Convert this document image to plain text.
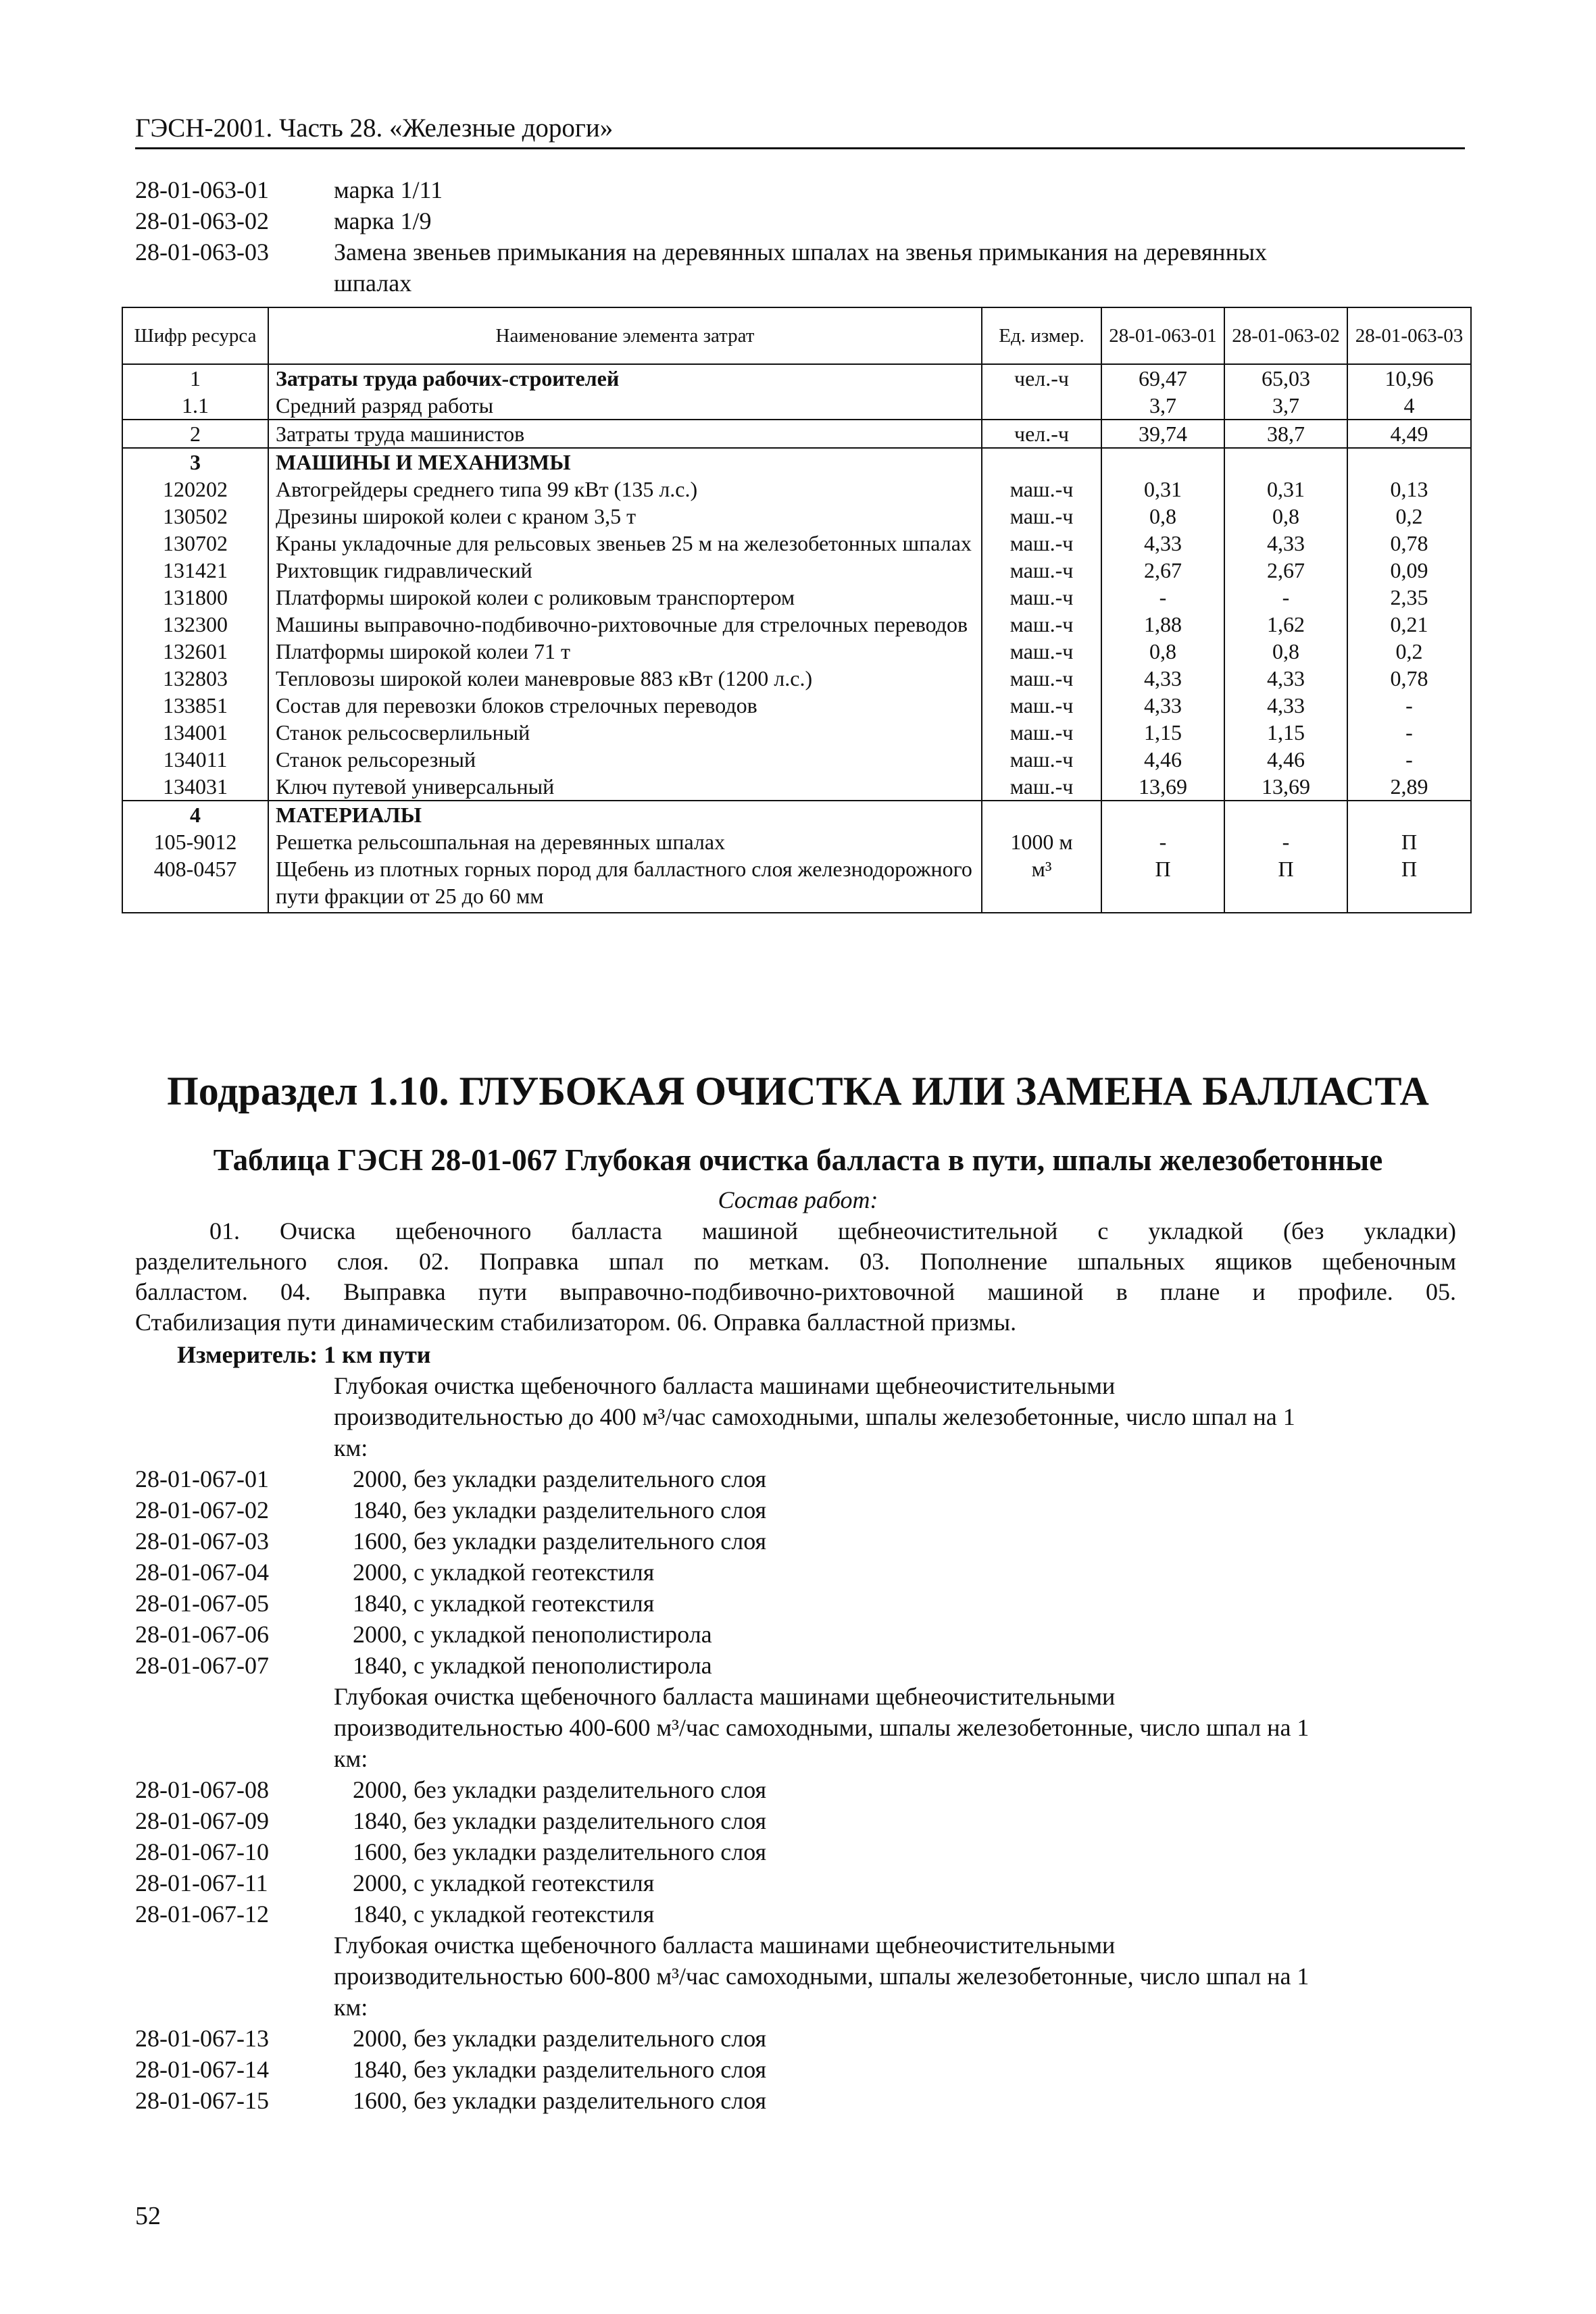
ГЭСН-2001. Часть 28. «Железные дороги»
28-01-063-01	марка 1/11
28-01-063-02	марка 1/9
28-01-063-03	Замена звеньев примыкания на деревянных шпалах на звенья примыкания на деревянных
шпалах
Шифр ресурса	Наименование элемента затрат	Ед. измер.	28-01-063-01	28-01-063-02	28-01-063-03
1	Затраты труда рабочих-строителей	чел.-ч	69,47	65,03	10,96
1.1	Средний разряд работы		3,7	3,7	4
2	Затраты труда машинистов	чел.-ч	39,74	38,7	4,49
3	МАШИНЫ И МЕХАНИЗМЫ				
120202	Автогрейдеры среднего типа 99 кВт (135 л.с.)	маш.-ч	0,31	0,31	0,13
130502	Дрезины широкой колеи с краном 3,5 т	маш.-ч	0,8	0,8	0,2
130702	Краны укладочные для рельсовых звеньев 25 м на железобетонных шпалах	маш.-ч	4,33	4,33	0,78
131421	Рихтовщик гидравлический	маш.-ч	2,67	2,67	0,09
131800	Платформы широкой колеи с роликовым транспортером	маш.-ч	-	-	2,35
132300	Машины выправочно-подбивочно-рихтовочные для стрелочных переводов	маш.-ч	1,88	1,62	0,21
132601	Платформы широкой колеи 71 т	маш.-ч	0,8	0,8	0,2
132803	Тепловозы широкой колеи маневровые 883 кВт (1200 л.с.)	маш.-ч	4,33	4,33	0,78
133851	Состав для перевозки блоков стрелочных переводов	маш.-ч	4,33	4,33	-
134001	Станок рельсосверлильный	маш.-ч	1,15	1,15	-
134011	Станок рельсорезный	маш.-ч	4,46	4,46	-
134031	Ключ путевой универсальный	маш.-ч	13,69	13,69	2,89
4	МАТЕРИАЛЫ				
105-9012	Решетка рельсошпальная на деревянных шпалах	1000 м	-	-	П
408-0457	Щебень из плотных горных пород для балластного слоя железнодорожного пути фракции от 25 до 60 мм	м³	П	П	П
Подраздел 1.10. ГЛУБОКАЯ ОЧИСТКА ИЛИ ЗАМЕНА БАЛЛАСТА
Таблица ГЭСН 28-01-067 Глубокая очистка балласта в пути, шпалы железобетонные
Состав работ:
01. Очиска щебеночного балласта машиной щебнеочистительной с укладкой (без укладки)
разделительного слоя. 02. Поправка шпал по меткам. 03. Пополнение шпальных ящиков щебеночным
балластом. 04. Выправка пути выправочно-подбивочно-рихтовочной машиной в плане и профиле. 05.
Стабилизация пути динамическим стабилизатором. 06. Оправка балластной призмы.
Измеритель: 1 км пути
Глубокая очистка щебеночного балласта машинами щебнеочистительными
производительностью до 400 м³/час самоходными, шпалы железобетонные, число шпал на 1
км:
28-01-067-01	2000, без укладки разделительного слоя
28-01-067-02	1840, без укладки разделительного слоя
28-01-067-03	1600, без укладки разделительного слоя
28-01-067-04	2000, с укладкой геотекстиля
28-01-067-05	1840, с укладкой геотекстиля
28-01-067-06	2000, с укладкой пенополистирола
28-01-067-07	1840, с укладкой пенополистирола
Глубокая очистка щебеночного балласта машинами щебнеочистительными
производительностью 400-600 м³/час самоходными, шпалы железобетонные, число шпал на 1
км:
28-01-067-08	2000, без укладки разделительного слоя
28-01-067-09	1840, без укладки разделительного слоя
28-01-067-10	1600, без укладки разделительного слоя
28-01-067-11	2000, с укладкой геотекстиля
28-01-067-12	1840, с укладкой геотекстиля
Глубокая очистка щебеночного балласта машинами щебнеочистительными
производительностью 600-800 м³/час самоходными, шпалы железобетонные, число шпал на 1
км:
28-01-067-13	2000, без укладки разделительного слоя
28-01-067-14	1840, без укладки разделительного слоя
28-01-067-15	1600, без укладки разделительного слоя
52
